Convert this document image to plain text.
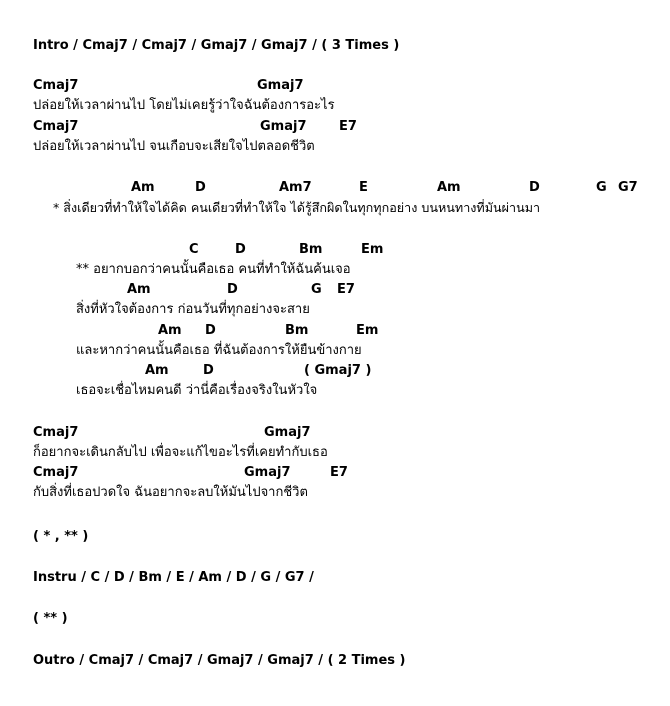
Intro / Cmaj7 / Cmaj7 / Gmaj7 / Gmaj7 / ( 3 Times )
Cmaj7	Gmaj7
ปล่อยให้เวลาผ่านไป โดยไม่เคยรู้ว่าใจฉันต้องการอะไร
Cmaj7	Gmaj7	E7
ปล่อยให้เวลาผ่านไป จนเกือบจะเสียใจไปตลอดชีวิต
Am	D	Am7	E	Am	D	G G7
* สิ่งเดียวที่ทำให้ใจได้คิด คนเดียวที่ทำให้ใจ ได้รู้สึกผิดในทุกทุกอย่าง บนหนทางที่มันผ่านมา
C	D	Bm	Em
** อยากบอกว่าคนนั้นคือเธอ คนที่ทำให้ฉันค้นเจอ
Am	D	G E7
สิ่งที่หัวใจต้องการ ก่อนวันที่ทุกอย่างจะสาย
Am D	Bm	Em
และหากว่าคนนั้นคือเธอ ที่ฉันต้องการให้ยืนข้างกาย
Am	D	( Gmaj7 )
เธอจะเชื่อไหมคนดี ว่านี่คือเรื่องจริงในหัวใจ
Cmaj7	Gmaj7
ก็อยากจะเดินกลับไป เพื่อจะแก้ไขอะไรที่เคยทำกับเธอ
Cmaj7	Gmaj7	E7
กับสิ่งที่เธอปวดใจ ฉันอยากจะลบให้มันไปจากชีวิต
( * , ** )
Instru / C / D / Bm / E / Am / D / G / G7 /
( ** )
Outro / Cmaj7 / Cmaj7 / Gmaj7 / Gmaj7 / ( 2 Times )
